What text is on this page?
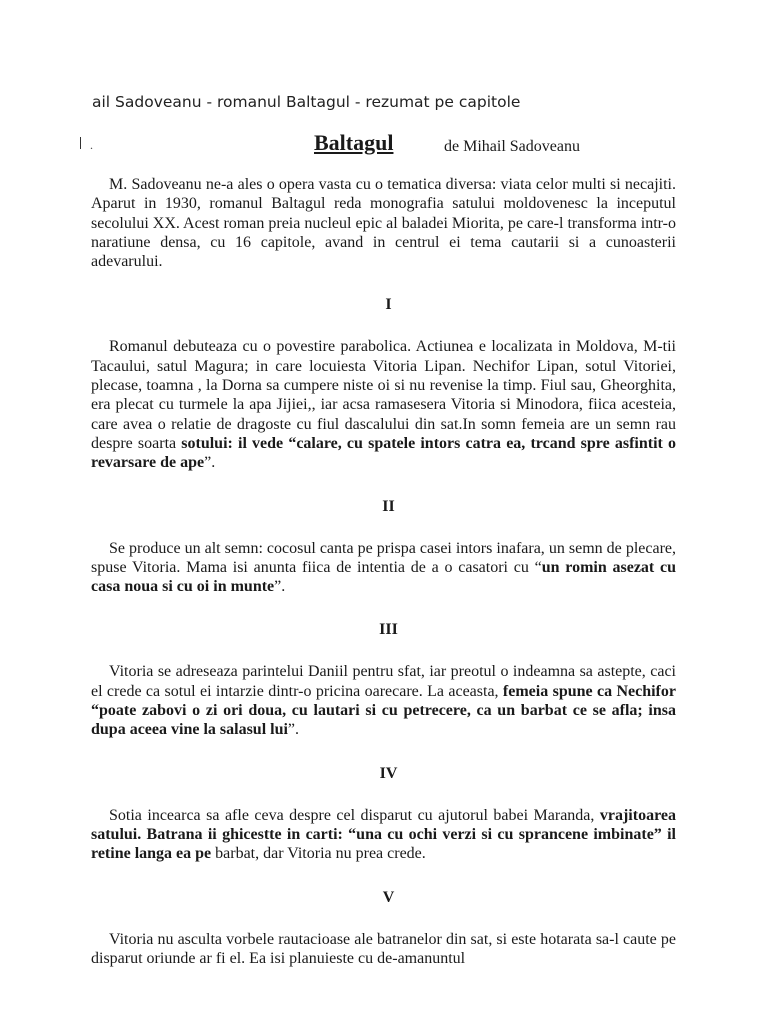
ail Sadoveanu - romanul Baltagul - rezumat pe capitole
.	Baltagul	de Mihail Sadoveanu

M. Sadoveanu ne-a ales o opera vasta cu o tematica diversa: viata celor multi si necajiti. Aparut in 1930, romanul Baltagul reda monografia satului moldovenesc la inceputul secolului XX. Acest roman preia nucleul epic al baladei Miorita, pe care-l transforma intr-o naratiune densa, cu 16 capitole, avand in centrul ei tema cautarii si a cunoasterii adevarului.

I

Romanul debuteaza cu o povestire parabolica. Actiunea e localizata in Moldova, M-tii Tacaului, satul Magura; in care locuiesta Vitoria Lipan. Nechifor Lipan, sotul Vitoriei, plecase, toamna , la Dorna sa cumpere niste oi si nu revenise la timp. Fiul sau, Gheorghita, era plecat cu turmele la apa Jijiei,, iar acsa ramasesera Vitoria si Minodora, fiica acesteia, care avea o relatie de dragoste cu fiul dascalului din sat.In somn femeia are un semn rau despre soarta sotului: il vede “calare, cu spatele intors catra ea, trcand spre asfintit o revarsare de ape”.

II

Se produce un alt semn: cocosul canta pe prispa casei intors inafara, un semn de plecare, spuse Vitoria. Mama isi anunta fiica de intentia de a o casatori cu “un romin asezat cu casa noua si cu oi in munte”.

III

Vitoria se adreseaza parintelui Daniil pentru sfat, iar preotul o indeamna sa astepte, caci el crede ca sotul ei intarzie dintr-o pricina oarecare. La aceasta, femeia spune ca Nechifor “poate zabovi o zi ori doua, cu lautari si cu petrecere, ca un barbat ce se afla; insa dupa aceea vine la salasul lui”.

IV

Sotia incearca sa afle ceva despre cel disparut cu ajutorul babei Maranda, vrajitoarea satului. Batrana ii ghicestte in carti: “una cu ochi verzi si cu sprancene imbinate” il retine langa ea pe barbat, dar Vitoria nu prea crede.

V

Vitoria nu asculta vorbele rautacioase ale batranelor din sat, si este hotarata sa-l caute pe disparut oriunde ar fi el. Ea isi planuieste cu de-amanuntul
